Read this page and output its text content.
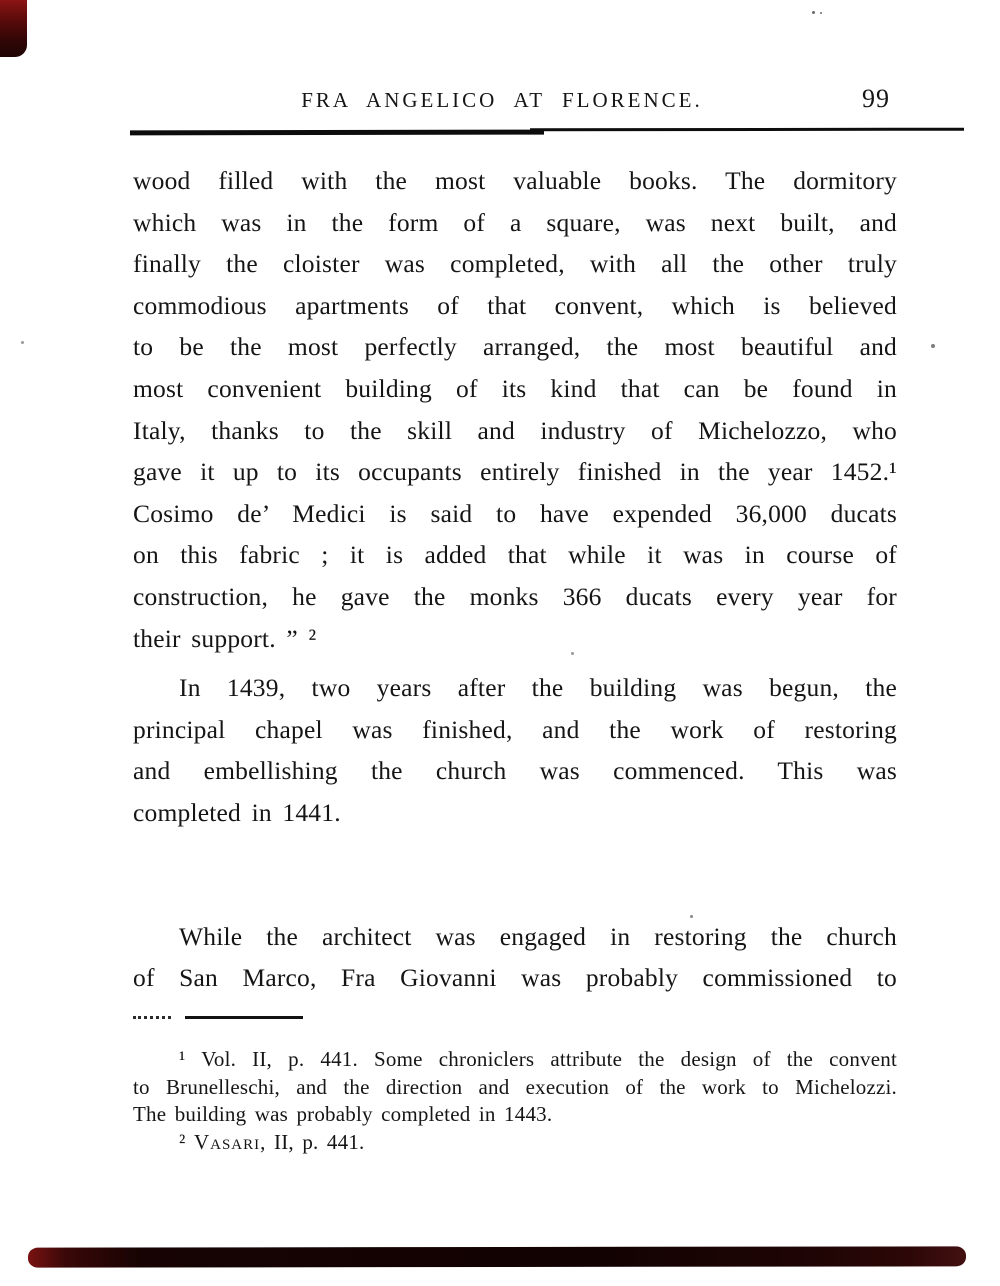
FRA ANGELICO AT FLORENCE.	99
wood filled with the most valuable books. The dormitory
which was in the form of a square, was next built, and
finally the cloister was completed, with all the other truly
commodious apartments of that convent, which is believed
to be the most perfectly arranged, the most beautiful and
most convenient building of its kind that can be found in
Italy, thanks to the skill and industry of Michelozzo, who
gave it up to its occupants entirely finished in the year 1452.¹
Cosimo de’ Medici is said to have expended 36,000 ducats
on this fabric ; it is added that while it was in course of
construction, he gave the monks 366 ducats every year for
their support. ” ²
In 1439, two years after the building was begun, the
principal chapel was finished, and the work of restoring
and embellishing the church was commenced. This was
completed in 1441.
While the architect was engaged in restoring the church
of San Marco, Fra Giovanni was probably commissioned to
¹ Vol. II, p. 441. Some chroniclers attribute the design of the convent
to Brunelleschi, and the direction and execution of the work to Michelozzi.
The building was probably completed in 1443.
² Vasari, II, p. 441.
